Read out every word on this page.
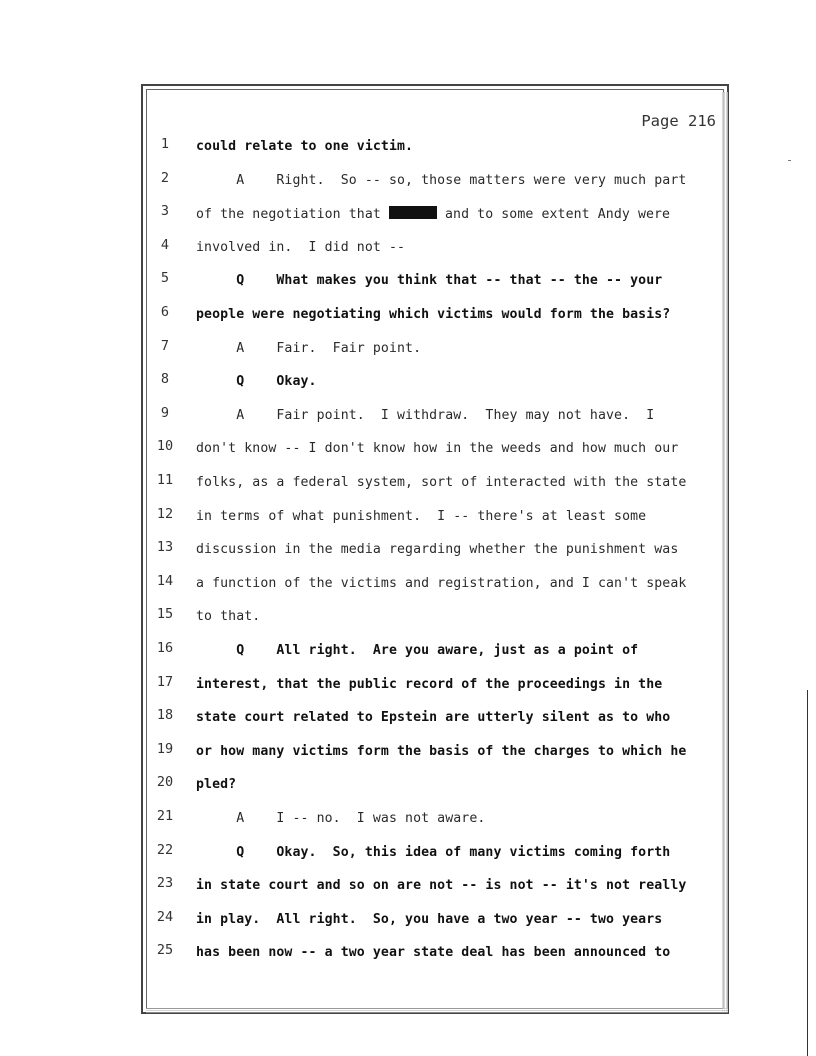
Page 216
1	could relate to one victim.
2	A    Right.  So -- so, those matters were very much part
3	of the negotiation that	and to some extent Andy were
4	involved in.  I did not --
5	Q    What makes you think that -- that -- the -- your
6	people were negotiating which victims would form the basis?
7	A    Fair.  Fair point.
8	Q    Okay.
9	A    Fair point.  I withdraw.  They may not have.  I
10	don't know -- I don't know how in the weeds and how much our
11	folks, as a federal system, sort of interacted with the state
12	in terms of what punishment.  I -- there's at least some
13	discussion in the media regarding whether the punishment was
14	a function of the victims and registration, and I can't speak
15	to that.
16	Q    All right.  Are you aware, just as a point of
17	interest, that the public record of the proceedings in the
18	state court related to Epstein are utterly silent as to who
19	or how many victims form the basis of the charges to which he
20	pled?
21	A    I -- no.  I was not aware.
22	Q    Okay.  So, this idea of many victims coming forth
23	in state court and so on are not -- is not -- it's not really
24	in play.  All right.  So, you have a two year -- two years
25	has been now -- a two year state deal has been announced to
